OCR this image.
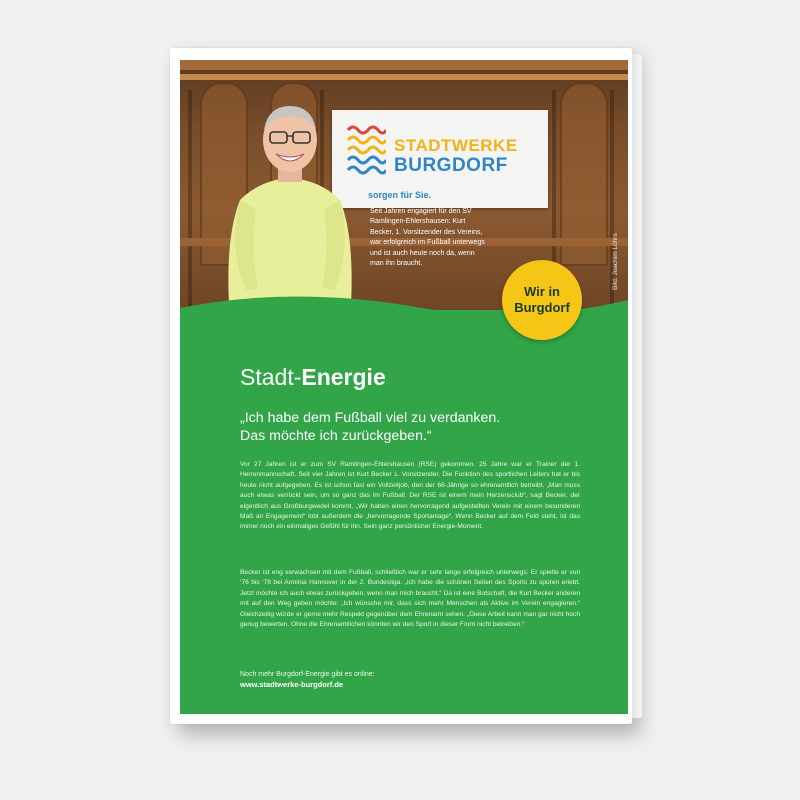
STADTWERKE
BURGDORF
sorgen für Sie.
Seit Jahren engagiert für den SV Ramlingen-Ehlershausen: Kurt Becker, 1. Vorsitzender des Vereins, war erfolgreich im Fußball unterwegs und ist auch heute noch da, wenn man ihn braucht.	Bild: Joachim Lührs
Wir in
Burgdorf
Stadt-Energie
„Ich habe dem Fußball viel zu verdanken.
Das möchte ich zurückgeben.“
Vor 27 Jahren ist er zum SV Ramlingen-Ehlershausen (RSE) gekommen. 25 Jahre war er Trainer der 1. Herrenmannschaft. Seit vier Jahren ist Kurt Becker 1. Vorsitzender. Die Funktion des sportlichen Leiters hat er bis heute nicht aufgegeben. Es ist schon fast ein Vollzeitjob, den der 68-Jährige so ehrenamtlich betreibt. „Man muss auch etwas verrückt sein, um so ganz das im Fußball. Der RSE ist einem mein Herzensclub“, sagt Becker, der eigentlich aus Großburgwedel kommt. „Wir haben einen hervorragend aufgestellten Verein mit einem besonderen Maß an Engagement“ lobt außerdem die „hervorragende Sportanlage“. Wenn Becker auf dem Feld steht, ist das immer noch ein einmaliges Gefühl für ihn. Sein ganz persönlicher Energie-Moment.
Becker ist eng verwachsen mit dem Fußball, schließlich war er sehr lange erfolgreich unterwegs: Er spielte er von ‘76 bis ‘78 bei Arminia Hannover in der 2. Bundesliga. „Ich habe die schönen Seiten des Sports zu spüren erlebt. Jetzt möchte ich auch etwas zurückgeben, wenn man mich braucht.“ Da ist eine Botschaft, die Kurt Becker anderen mit auf den Weg geben möchte: „Ich wünsche mir, dass sich mehr Menschen als Aktive im Verein engagieren.“ Gleichzeitig würde er gerne mehr Respekt gegenüber dem Ehrenamt sehen. „Diese Arbeit kann man gar nicht hoch genug bewerten. Ohne die Ehrenamtlichen könnten wir den Sport in dieser Form nicht betreiben.“
Noch mehr Burgdorf-Energie gibt es online:
www.stadtwerke-burgdorf.de
